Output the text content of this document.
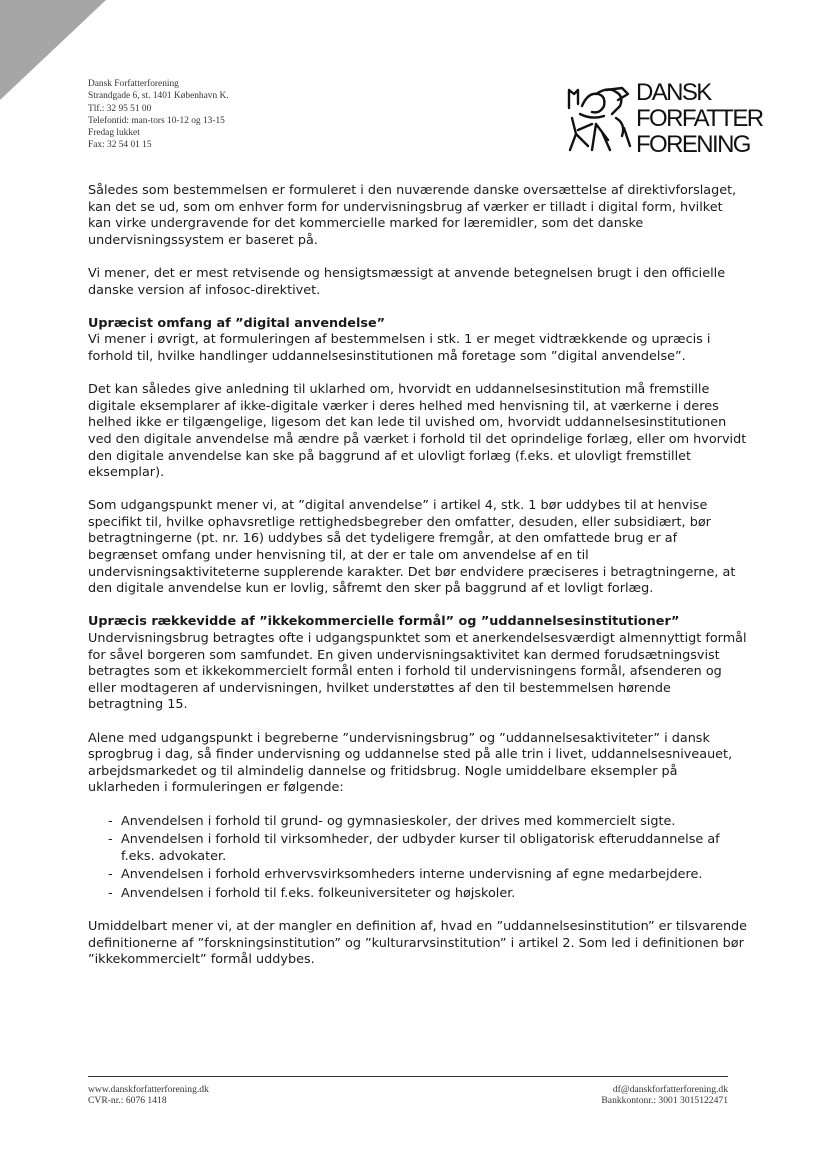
Dansk Forfatterforening
Strandgade 6, st. 1401 København K.
Tlf.: 32 95 51 00
Telefontid: man-tors 10-12 og 13-15
Fredag lukket
Fax: 32 54 01 15
DANSK
FORFATTER
FORENING

Således som bestemmelsen er formuleret i den nuværende danske oversættelse af direktivforslaget, kan det se ud, som om enhver form for undervisningsbrug af værker er tilladt i digital form, hvilket kan virke undergravende for det kommercielle marked for læremidler, som det danske undervisningssystem er baseret på.

Vi mener, det er mest retvisende og hensigtsmæssigt at anvende betegnelsen brugt i den officielle danske version af infosoc-direktivet.

Upræcist omfang af ”digital anvendelse”

Vi mener i øvrigt, at formuleringen af bestemmelsen i stk. 1 er meget vidtrækkende og upræcis i forhold til, hvilke handlinger uddannelsesinstitutionen må foretage som ”digital anvendelse”.

Det kan således give anledning til uklarhed om, hvorvidt en uddannelsesinstitution må fremstille digitale eksemplarer af ikke-digitale værker i deres helhed med henvisning til, at værkerne i deres helhed ikke er tilgængelige, ligesom det kan lede til uvished om, hvorvidt uddannelsesinstitutionen ved den digitale anvendelse må ændre på værket i forhold til det oprindelige forlæg, eller om hvorvidt den digitale anvendelse kan ske på baggrund af et ulovligt forlæg (f.eks. et ulovligt fremstillet eksemplar).

Som udgangspunkt mener vi, at ”digital anvendelse” i artikel 4, stk. 1 bør uddybes til at henvise specifikt til, hvilke ophavsretlige rettighedsbegreber den omfatter, desuden, eller subsidiært, bør betragtningerne (pt. nr. 16) uddybes så det tydeligere fremgår, at den omfattede brug er af begrænset omfang under henvisning til, at der er tale om anvendelse af en til undervisningsaktiviteterne supplerende karakter. Det bør endvidere præciseres i betragtningerne, at den digitale anvendelse kun er lovlig, såfremt den sker på baggrund af et lovligt forlæg.

Upræcis rækkevidde af ”ikkekommercielle formål” og ”uddannelsesinstitutioner”

Undervisningsbrug betragtes ofte i udgangspunktet som et anerkendelsesværdigt almennyttigt formål for såvel borgeren som samfundet. En given undervisningsaktivitet kan dermed forudsætningsvist betragtes som et ikkekommercielt formål enten i forhold til undervisningens formål, afsenderen og eller modtageren af undervisningen, hvilket understøttes af den til bestemmelsen hørende betragtning 15.

Alene med udgangspunkt i begreberne ”undervisningsbrug” og ”uddannelsesaktiviteter” i dansk sprogbrug i dag, så finder undervisning og uddannelse sted på alle trin i livet, uddannelsesniveauet, arbejdsmarkedet og til almindelig dannelse og fritidsbrug. Nogle umiddelbare eksempler på uklarheden i formuleringen er følgende:

- Anvendelsen i forhold til grund- og gymnasieskoler, der drives med kommercielt sigte.
- Anvendelsen i forhold til virksomheder, der udbyder kurser til obligatorisk efteruddannelse af f.eks. advokater.
- Anvendelsen i forhold erhvervsvirksomheders interne undervisning af egne medarbejdere.
- Anvendelsen i forhold til f.eks. folkeuniversiteter og højskoler.

Umiddelbart mener vi, at der mangler en definition af, hvad en ”uddannelsesinstitution” er tilsvarende definitionerne af ”forskningsinstitution” og ”kulturarvsinstitution” i artikel 2. Som led i definitionen bør ”ikkekommercielt” formål uddybes.

www.danskforfatterforening.dk
CVR-nr.: 6076 1418
df@danskforfatterforening.dk
Bankkontonr.: 3001 3015122471
